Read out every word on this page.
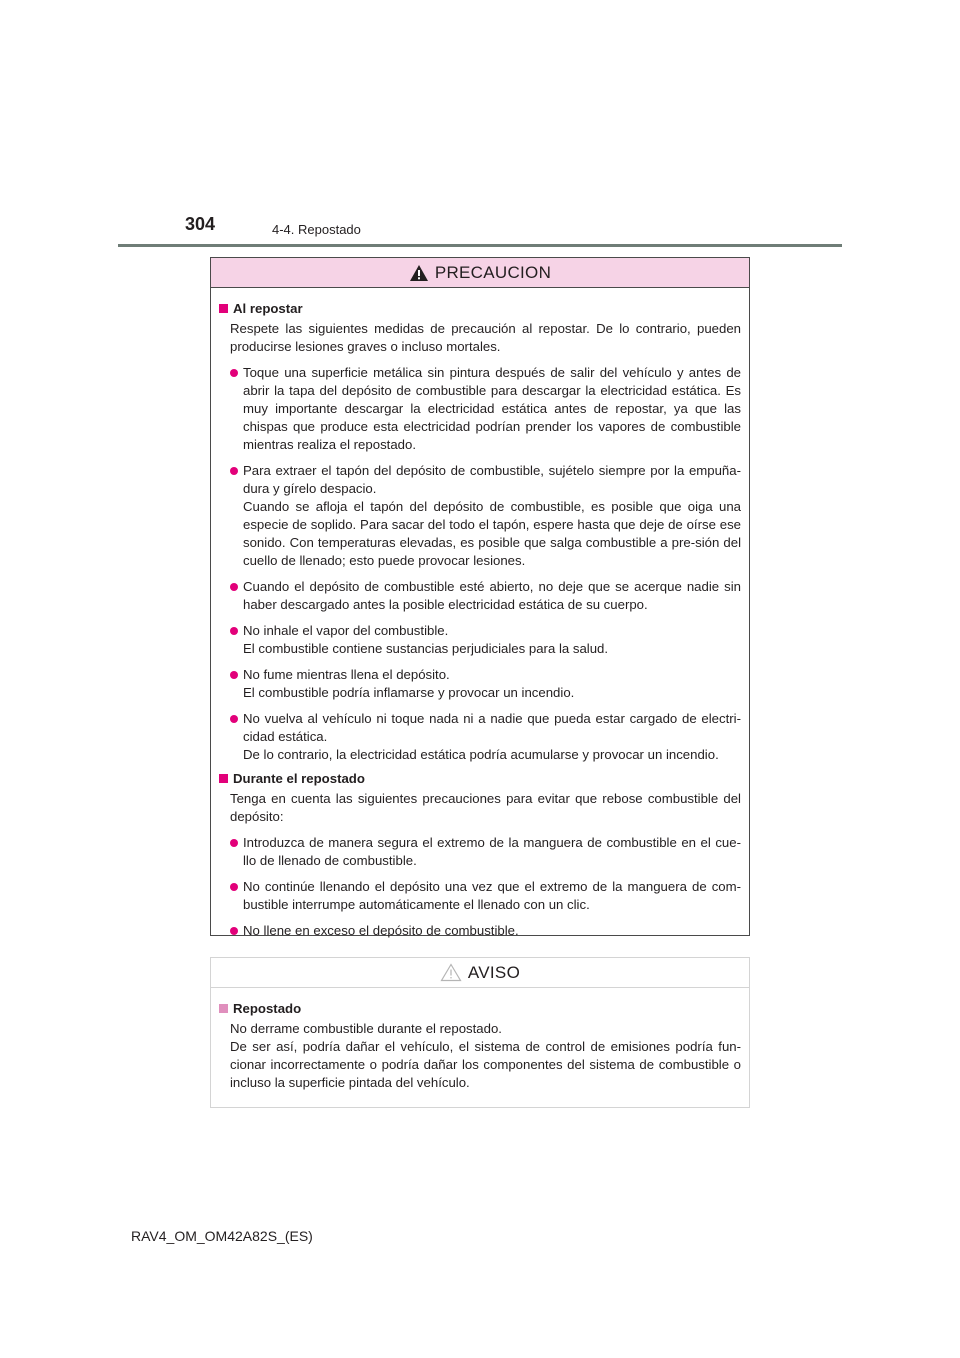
304	4-4. Repostado
PRECAUCION
Al repostar
Respete las siguientes medidas de precaución al repostar. De lo contrario, pueden producirse lesiones graves o incluso mortales.
Toque una superficie metálica sin pintura después de salir del vehículo y antes de abrir la tapa del depósito de combustible para descargar la electricidad estática. Es muy importante descargar la electricidad estática antes de repostar, ya que las chispas que produce esta electricidad podrían prender los vapores de combustible mientras realiza el repostado.
Para extraer el tapón del depósito de combustible, sujételo siempre por la empuña-dura y gírelo despacio.
Cuando se afloja el tapón del depósito de combustible, es posible que oiga una especie de soplido. Para sacar del todo el tapón, espere hasta que deje de oírse ese sonido. Con temperaturas elevadas, es posible que salga combustible a pre-sión del cuello de llenado; esto puede provocar lesiones.
Cuando el depósito de combustible esté abierto, no deje que se acerque nadie sin haber descargado antes la posible electricidad estática de su cuerpo.
No inhale el vapor del combustible.
El combustible contiene sustancias perjudiciales para la salud.
No fume mientras llena el depósito.
El combustible podría inflamarse y provocar un incendio.
No vuelva al vehículo ni toque nada ni a nadie que pueda estar cargado de electri-cidad estática.
De lo contrario, la electricidad estática podría acumularse y provocar un incendio.
Durante el repostado
Tenga en cuenta las siguientes precauciones para evitar que rebose combustible del depósito:
Introduzca de manera segura el extremo de la manguera de combustible en el cue-llo de llenado de combustible.
No continúe llenando el depósito una vez que el extremo de la manguera de com-bustible interrumpe automáticamente el llenado con un clic.
No llene en exceso el depósito de combustible.
AVISO
Repostado
No derrame combustible durante el repostado.
De ser así, podría dañar el vehículo, el sistema de control de emisiones podría fun-cionar incorrectamente o podría dañar los componentes del sistema de combustible o incluso la superficie pintada del vehículo.
RAV4_OM_OM42A82S_(ES)
